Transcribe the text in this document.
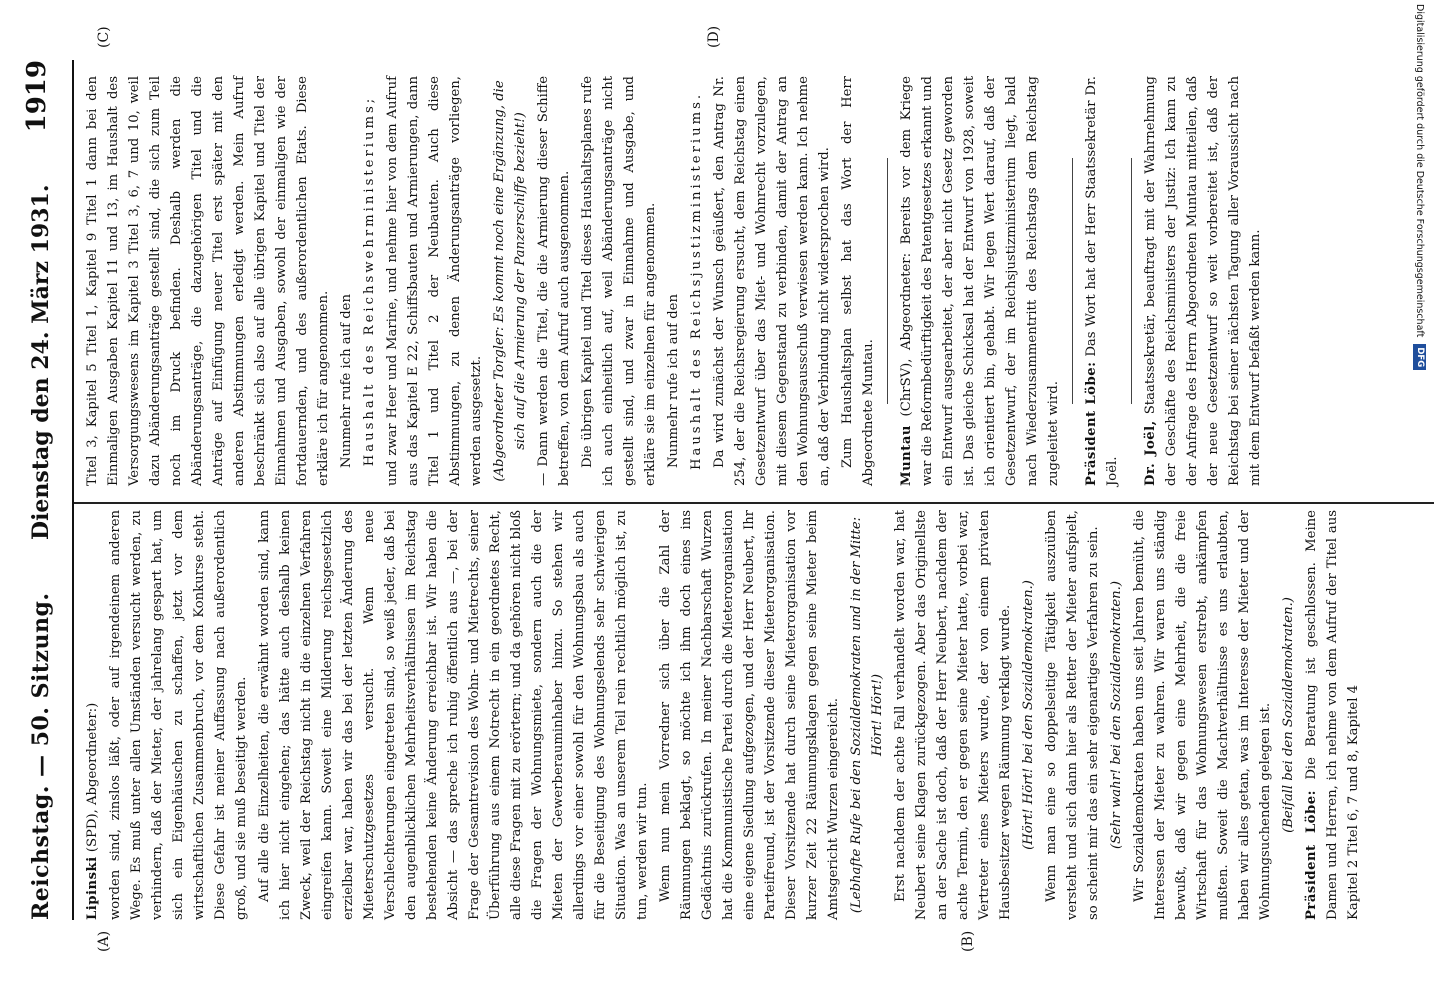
Reichstag. — 50. Sitzung.
Dienstag den 24. März 1931.
1919
(A)	(B)
(C)	(D)

Lipinski (SPD), Abgeordneter:) worden sind, zinslos läßt, oder auf irgendeinem anderen Wege. Es muß unter allen Umständen versucht werden, zu verhindern, daß der Mieter, der jahrelang gespart hat, um sich ein Eigenhäuschen zu schaffen, jetzt vor dem wirtschaftlichen Zusammenbruch, vor dem Konkurse steht. Diese Gefahr ist meiner Auffassung nach außerordentlich groß, und sie muß beseitigt werden. Auf alle die Einzelheiten, die erwähnt worden sind, kann ich hier nicht eingehen; das hätte auch deshalb keinen Zweck, weil der Reichstag nicht in die einzelnen Verfahren eingreifen kann. Soweit eine Milderung reichsgesetzlich erzielbar war, haben wir das bei der letzten Änderung des Mieterschutzgesetzes versucht. Wenn neue Verschlechterungen eingetreten sind, so weiß jeder, daß bei den augenblicklichen Mehrheitsverhältnissen im Reichstag bestehenden keine Änderung erreichbar ist. Wir haben die Absicht — das spreche ich ruhig öffentlich aus —, bei der Frage der Gesamtrevision des Wohn- und Mietrechts, seiner Überführung aus einem Notrecht in ein geordnetes Recht, alle diese Fragen mit zu erörtern; und da gehören nicht bloß die Fragen der Wohnungsmiete, sondern auch die der Mieten der Gewerberauminhaber hinzu. So stehen wir allerdings vor einer sowohl für den Wohnungsbau als auch für die Beseitigung des Wohnungselends sehr schwierigen Situation. Was an unserem Teil rein rechtlich möglich ist, zu tun, werden wir tun. Wenn nun mein Vorredner sich über die Zahl der Räumungen beklagt, so möchte ich ihm doch eines ins Gedächtnis zurückrufen. In meiner Nachbarschaft Wurzen hat die Kommunistische Partei durch die Mieterorganisation eine eigene Siedlung aufgezogen, und der Herr Neubert, Ihr Parteifreund, ist der Vorsitzende dieser Mieterorganisation. Dieser Vorsitzende hat durch seine Mieterorganisation vor kurzer Zeit 22 Räumungsklagen gegen seine Mieter beim Amtsgericht Wurzen eingereicht. (Lebhafte Rufe bei den Sozialdemokraten und in der Mitte: Hört! Hört!) Erst nachdem der achte Fall verhandelt worden war, hat Neubert seine Klagen zurückgezogen. Aber das Originellste an der Sache ist doch, daß der Herr Neubert, nachdem der achte Termin, den er gegen seine Mieter hatte, vorbei war, Vertreter eines Mieters wurde, der von einem privaten Hausbesitzer wegen Räumung verklagt wurde. (Hört! Hört! bei den Sozialdemokraten.) Wenn man eine so doppelseitige Tätigkeit auszuüben versteht und sich dann hier als Retter der Mieter aufspielt, so scheint mir das ein sehr eigenartiges Verfahren zu sein. (Sehr wahr! bei den Sozialdemokraten.) Wir Sozialdemokraten haben uns seit Jahren bemüht, die Interessen der Mieter zu wahren. Wir waren uns ständig bewußt, daß wir gegen eine Mehrheit, die die freie Wirtschaft für das Wohnungswesen erstrebt, ankämpfen mußten. Soweit die Machtverhältnisse es uns erlaubten, haben wir alles getan, was im Interesse der Mieter und der Wohnungsuchenden gelegen ist. (Beifall bei den Sozialdemokraten.)

Präsident Löbe: Die Beratung ist geschlossen. Meine Damen und Herren, ich nehme von dem Aufruf der Titel aus Kapitel 2 Titel 6, 7 und 8, Kapitel 4

Titel 3, Kapitel 5 Titel 1, Kapitel 9 Titel 1 dann bei den Einmaligen Ausgaben Kapitel 11 und 13, im Haushalt des Versorgungswesens im Kapitel 3 Titel 3, 6, 7 und 10, weil dazu Abänderungsanträge gestellt sind, die sich zum Teil noch im Druck befinden. Deshalb werden die Abänderungsanträge, die dazugehörigen Titel und die Anträge auf Einfügung neuer Titel erst später mit den anderen Abstimmungen erledigt werden. Mein Aufruf beschränkt sich also auf alle übrigen Kapitel und Titel der Einnahmen und Ausgaben, sowohl der einmaligen wie der fortdauernden, und des außerordentlichen Etats. Diese erkläre ich für angenommen. Nunmehr rufe ich auf den Haushalt des Reichswehrministeriums; und zwar Heer und Marine, und nehme hier von dem Aufruf aus das Kapitel E 22, Schiffsbauten und Armierungen, dann Titel 1 und Titel 2 der Neubauten. Auch diese Abstimmungen, zu denen Änderungsanträge vorliegen, werden ausgesetzt. (Abgeordneter Torgler: Es kommt noch eine Ergänzung, die sich auf die Armierung der Panzerschiffe bezieht!) — Dann werden die Titel, die die Armierung dieser Schiffe betreffen, von dem Aufruf auch ausgenommen. Die übrigen Kapitel und Titel dieses Haushaltsplanes rufe ich auch einheitlich auf, weil Abänderungsanträge nicht gestellt sind, und zwar in Einnahme und Ausgabe, und erkläre sie im einzelnen für angenommen. Nunmehr rufe ich auf den Haushalt des Reichsjustizministeriums. Da wird zunächst der Wunsch geäußert, den Antrag Nr. 254, der die Reichsregierung ersucht, dem Reichstag einen Gesetzentwurf über das Miet- und Wohnrecht vorzulegen, mit diesem Gegenstand zu verbinden, damit der Antrag an den Wohnungsausschuß verwiesen werden kann. Ich nehme an, daß der Verbindung nicht widersprochen wird. Zum Haushaltsplan selbst hat das Wort der Herr Abgeordnete Muntau. Muntau (ChrSV), Abgeordneter: Bereits vor dem Kriege war die Reformbedürftigkeit des Patentgesetzes erkannt und ein Entwurf ausgearbeitet, der aber nicht Gesetz geworden ist. Das gleiche Schicksal hat der Entwurf von 1928, soweit ich orientiert bin, gehabt. Wir legen Wert darauf, daß der Gesetzentwurf, der im Reichsjustizministerium liegt, bald nach Wiederzusammentritt des Reichstags dem Reichstag zugeleitet wird. Präsident Löbe: Das Wort hat der Herr Staatssekretär Dr. Joël. Dr. Joël, Staatssekretär, beauftragt mit der Wahrnehmung der Geschäfte des Reichsministers der Justiz: Ich kann zu der Anfrage des Herrn Abgeordneten Muntau mitteilen, daß der neue Gesetzentwurf so weit vorbereitet ist, daß der Reichstag bei seiner nächsten Tagung aller Voraussicht nach mit dem Entwurf befaßt werden kann.

Digitalisierung gefördert durch die Deutsche Forschungsgemeinschaft DFG
